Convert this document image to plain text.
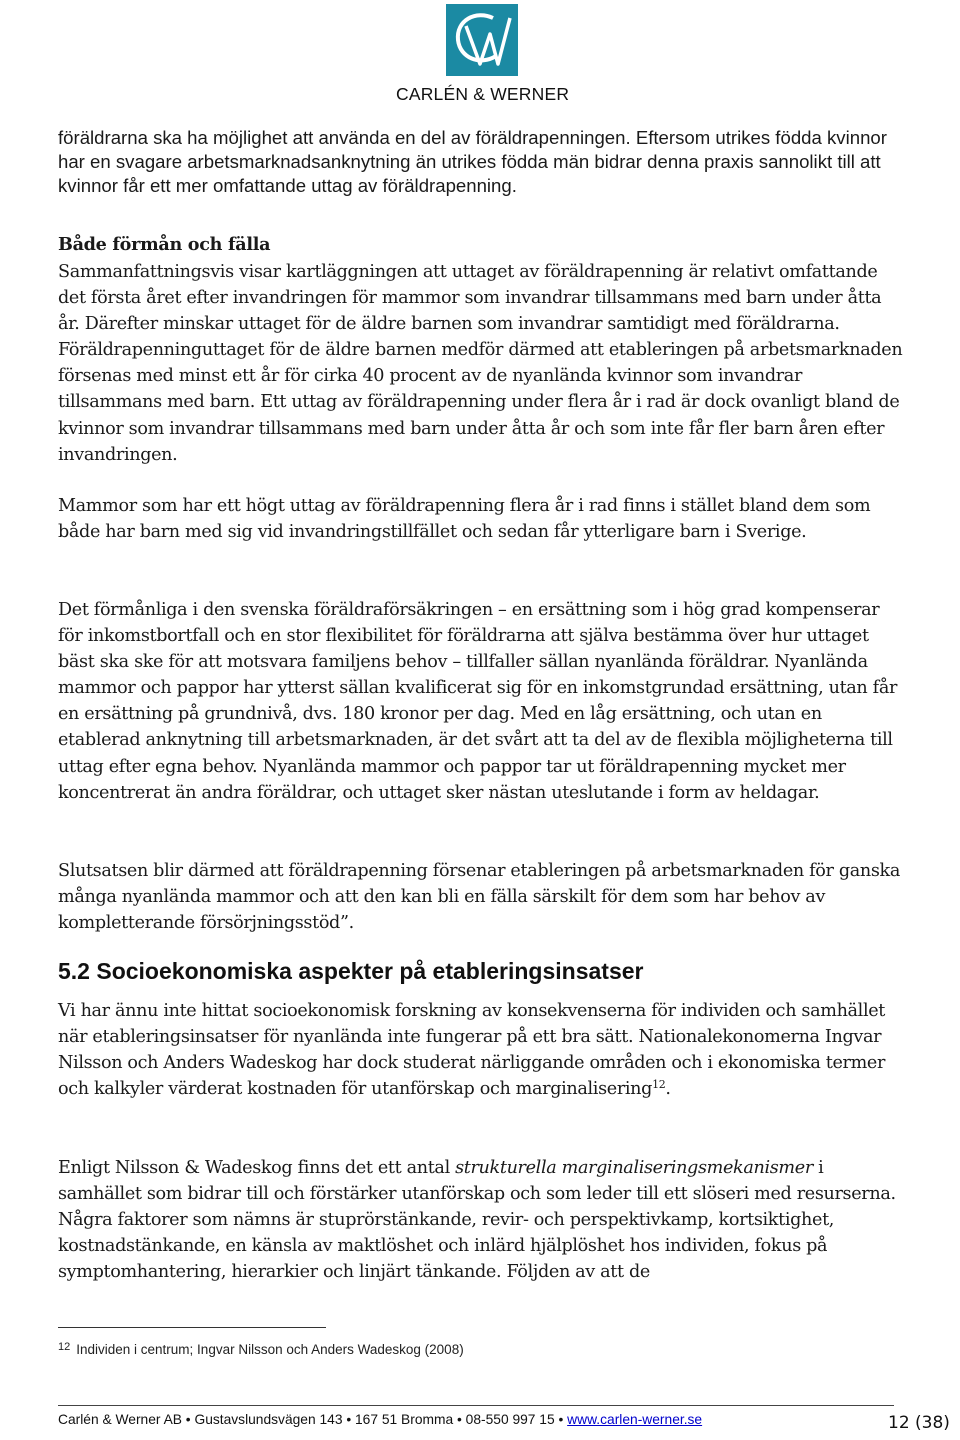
CARLÉN & WERNER

föräldrarna ska ha möjlighet att använda en del av föräldrapenningen. Eftersom utrikes födda kvinnor har en svagare arbetsmarknadsanknytning än utrikes födda män bidrar denna praxis sannolikt till att kvinnor får ett mer omfattande uttag av föräldrapenning.

Både förmån och fälla

Sammanfattningsvis visar kartläggningen att uttaget av föräldrapenning är relativt omfattande det första året efter invandringen för mammor som invandrar tillsammans med barn under åtta år. Därefter minskar uttaget för de äldre barnen som invandrar samtidigt med föräldrarna. Föräldrapenninguttaget för de äldre barnen medför därmed att etableringen på arbetsmarknaden försenas med minst ett år för cirka 40 procent av de nyanlända kvinnor som invandrar tillsammans med barn. Ett uttag av föräldrapenning under flera år i rad är dock ovanligt bland de kvinnor som invandrar tillsammans med barn under åtta år och som inte får fler barn åren efter invandringen.

Mammor som har ett högt uttag av föräldrapenning flera år i rad finns i stället bland dem som både har barn med sig vid invandringstillfället och sedan får ytterligare barn i Sverige.

Det förmånliga i den svenska föräldraförsäkringen – en ersättning som i hög grad kompenserar för inkomstbortfall och en stor flexibilitet för föräldrarna att själva bestämma över hur uttaget bäst ska ske för att motsvara familjens behov – tillfaller sällan nyanlända föräldrar. Nyanlända mammor och pappor har ytterst sällan kvalificerat sig för en inkomstgrundad ersättning, utan får en ersättning på grundnivå, dvs. 180 kronor per dag. Med en låg ersättning, och utan en etablerad anknytning till arbetsmarknaden, är det svårt att ta del av de flexibla möjligheterna till uttag efter egna behov. Nyanlända mammor och pappor tar ut föräldrapenning mycket mer koncentrerat än andra föräldrar, och uttaget sker nästan uteslutande i form av heldagar.

Slutsatsen blir därmed att föräldrapenning försenar etableringen på arbetsmarknaden för ganska många nyanlända mammor och att den kan bli en fälla särskilt för dem som har behov av kompletterande försörjningsstöd”.

5.2 Socioekonomiska aspekter på etableringsinsatser

Vi har ännu inte hittat socioekonomisk forskning av konsekvenserna för individen och samhället när etableringsinsatser för nyanlända inte fungerar på ett bra sätt. Nationalekonomerna Ingvar Nilsson och Anders Wadeskog har dock studerat närliggande områden och i ekonomiska termer och kalkyler värderat kostnaden för utanförskap och marginalisering$^{12}$.

Enligt Nilsson & Wadeskog finns det ett antal strukturella marginaliseringsmekanismer i samhället som bidrar till och förstärker utanförskap och som leder till ett slöseri med resurserna. Några faktorer som nämns är stuprörstänkande, revir- och perspektivkamp, kortsiktighet, kostnadstänkande, en känsla av maktlöshet och inlärd hjälplöshet hos individen, fokus på symptomhantering, hierarkier och linjärt tänkande. Följden av att de

$^{12}$ Individen i centrum; Ingvar Nilsson och Anders Wadeskog (2008)

Carlén & Werner AB • Gustavslundsvägen 143 • 167 51 Bromma • 08-550 997 15 • www.carlen-werner.se	12 (38)
